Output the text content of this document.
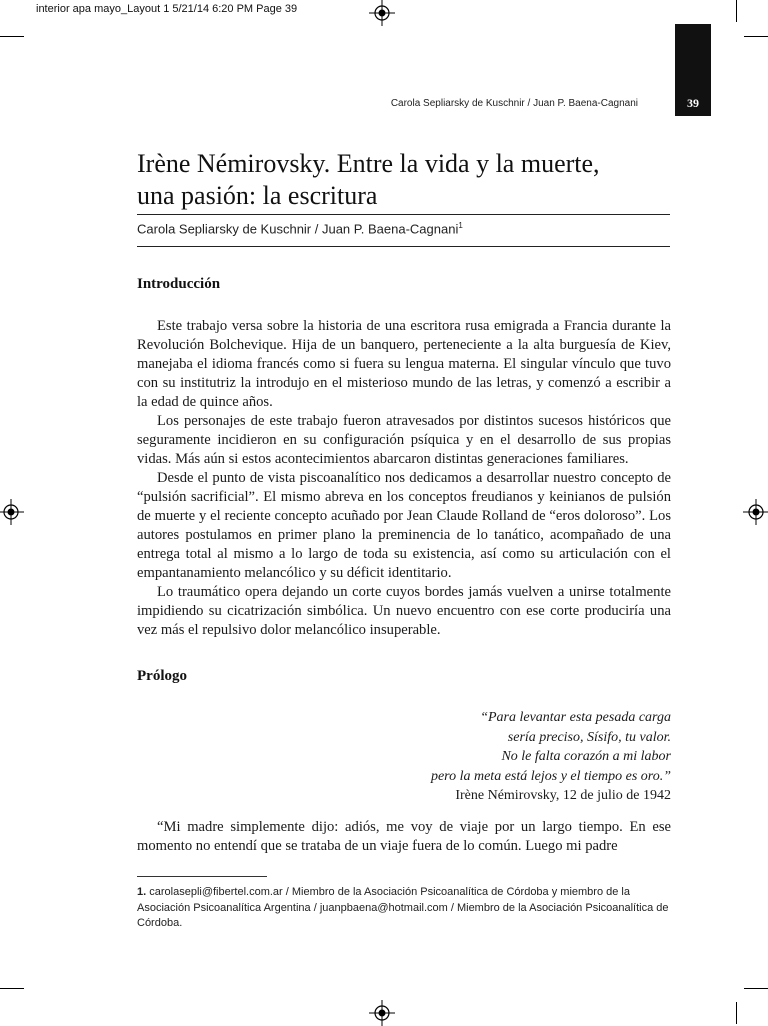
interior apa mayo_Layout 1 5/21/14 6:20 PM Page 39
Carola Sepliarsky de Kuschnir / Juan P. Baena-Cagnani	39
Irène Némirovsky. Entre la vida y la muerte,
una pasión: la escritura
Carola Sepliarsky de Kuschnir / Juan P. Baena-Cagnani$^1$
Introducción

Este trabajo versa sobre la historia de una escritora rusa emigrada a Francia durante la Revolución Bolchevique. Hija de un banquero, perteneciente a la alta burguesía de Kiev, manejaba el idioma francés como si fuera su lengua materna. El singular vínculo que tuvo con su institutriz la introdujo en el misterioso mundo de las letras, y comenzó a escribir a la edad de quince años.

Los personajes de este trabajo fueron atravesados por distintos sucesos históricos que seguramente incidieron en su configuración psíquica y en el desarrollo de sus propias vidas. Más aún si estos acontecimientos abarcaron distintas generaciones familiares.

Desde el punto de vista piscoanalítico nos dedicamos a desarrollar nuestro concepto de “pulsión sacrificial”. El mismo abreva en los conceptos freudianos y keinianos de pulsión de muerte y el reciente concepto acuñado por Jean Claude Rolland de “eros doloroso”. Los autores postulamos en primer plano la preminencia de lo tanático, acompañado de una entrega total al mismo a lo largo de toda su existencia, así como su articulación con el empantanamiento melancólico y su déficit identitario.

Lo traumático opera dejando un corte cuyos bordes jamás vuelven a unirse totalmente impidiendo su cicatrización simbólica. Un nuevo encuentro con ese corte produciría una vez más el repulsivo dolor melancólico insuperable.

Prólogo
“Para levantar esta pesada carga
sería preciso, Sísifo, tu valor.
No le falta corazón a mi labor
pero la meta está lejos y el tiempo es oro.”
Irène Némirovsky, 12 de julio de 1942

“Mi madre simplemente dijo: adiós, me voy de viaje por un largo tiempo. En ese momento no entendí que se trataba de un viaje fuera de lo común. Luego mi padre

1. carolasepli@fibertel.com.ar / Miembro de la Asociación Psicoanalítica de Córdoba y miembro de la Asociación Psicoanalítica Argentina / juanpbaena@hotmail.com / Miembro de la Asociación Psicoanalítica de Córdoba.
